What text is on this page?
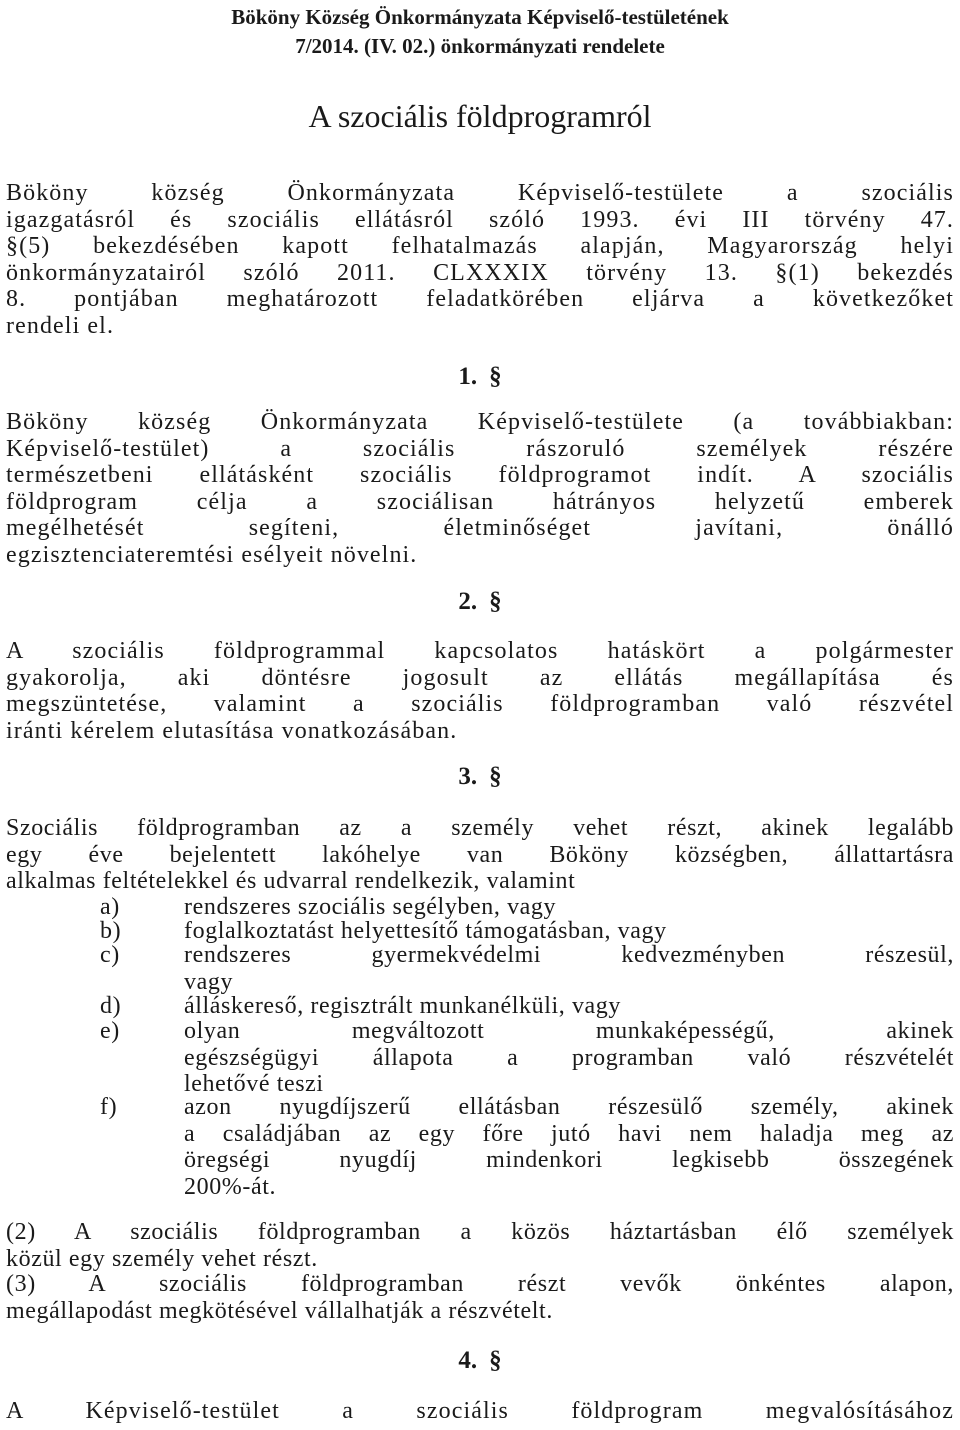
Bököny Község Önkormányzata Képviselő-testületének
7/2014. (IV. 02.) önkormányzati rendelete
A szociális földprogramról
Bököny község Önkormányzata Képviselő-testülete a szociális
igazgatásról és szociális ellátásról szóló 1993. évi III törvény 47.
§(5) bekezdésében kapott felhatalmazás alapján, Magyarország helyi
önkormányzatairól szóló 2011. CLXXXIX törvény 13. §(1) bekezdés
8. pontjában meghatározott feladatkörében eljárva a következőket
rendeli el.
1. §
Bököny község Önkormányzata Képviselő-testülete (a továbbiakban:
Képviselő-testület) a szociális rászoruló személyek részére
természetbeni ellátásként szociális földprogramot indít. A szociális
földprogram célja a szociálisan hátrányos helyzetű emberek
megélhetését segíteni, életminőséget javítani, önálló
egzisztenciateremtési esélyeit növelni.
2. §
A szociális földprogrammal kapcsolatos hatáskört a polgármester
gyakorolja, aki döntésre jogosult az ellátás megállapítása és
megszüntetése, valamint a szociális földprogramban való részvétel
iránti kérelem elutasítása vonatkozásában.
3. §
Szociális földprogramban az a személy vehet részt, akinek legalább
egy éve bejelentett lakóhelye van Bököny községben, állattartásra
alkalmas feltételekkel és udvarral rendelkezik, valamint
a)	rendszeres szociális segélyben, vagy
b)	foglalkoztatást helyettesítő támogatásban, vagy
c)	rendszeres gyermekvédelmi kedvezményben részesül,
vagy
d)	álláskereső, regisztrált munkanélküli, vagy
e)	olyan megváltozott munkaképességű, akinek
egészségügyi állapota a programban való részvételét
lehetővé teszi
f)	azon nyugdíjszerű ellátásban részesülő személy, akinek
a családjában az egy főre jutó havi nem haladja meg az
öregségi nyugdíj mindenkori legkisebb összegének
200%-át.
(2) A szociális földprogramban a közös háztartásban élő személyek
közül egy személy vehet részt.
(3) A szociális földprogramban részt vevők önkéntes alapon,
megállapodást megkötésével vállalhatják a részvételt.
4. §
A Képviselő-testület a szociális földprogram megvalósításához
